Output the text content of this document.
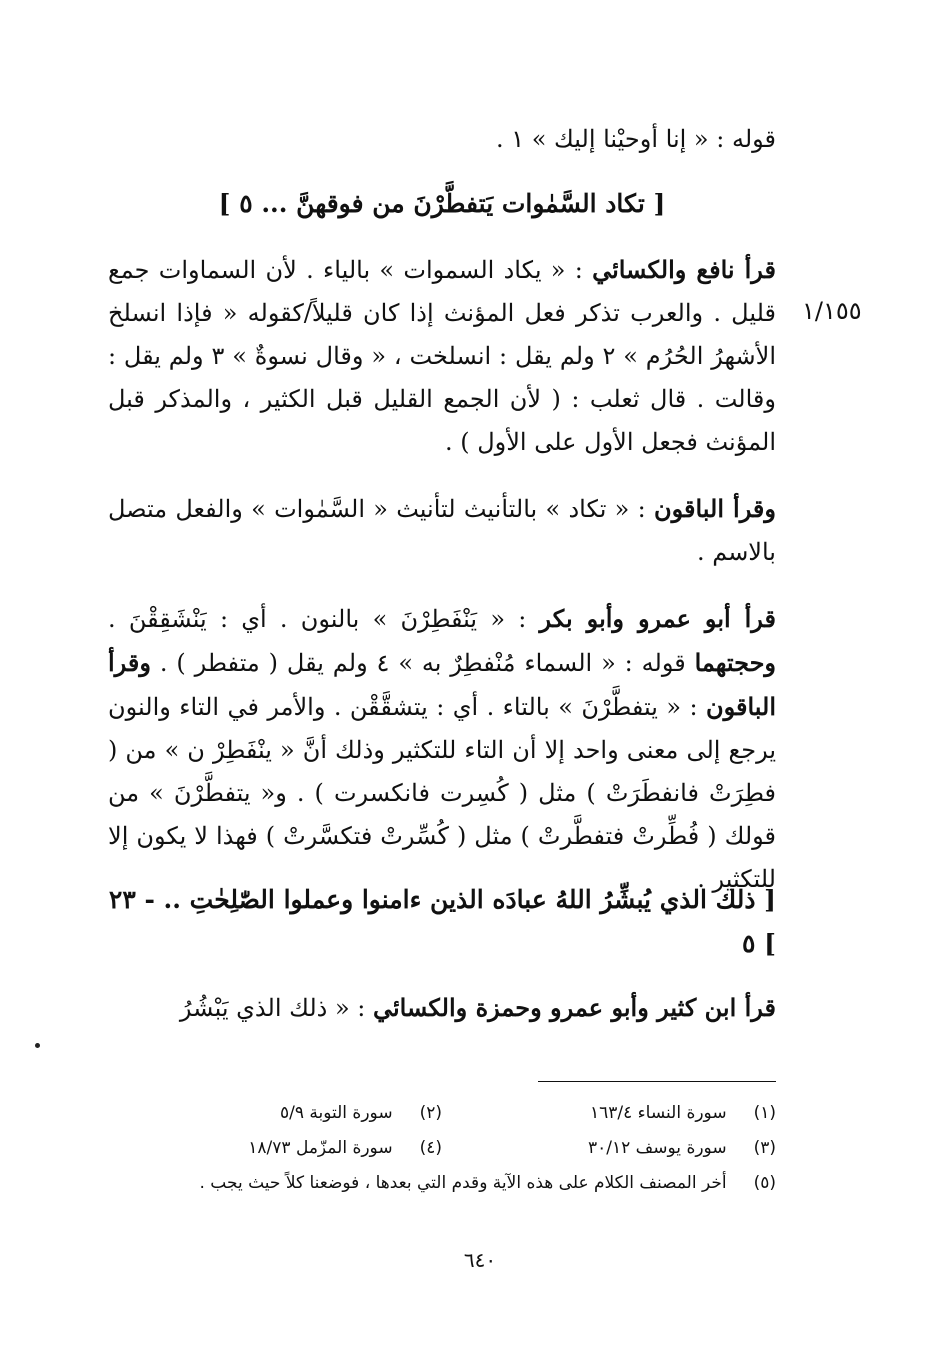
قوله : « إنا أوحيْنا إليك » ١ .
[ تكاد السَّمٰوات يَتفطَّرْنَ من فوقهنَّ ... ٥ ]
١/١٥٥
قرأ نافع والكسائي : « يكاد السموات » بالياء . لأن السماوات جمع قليل . والعرب تذكر فعل المؤنث إذا كان قليلاً/كقوله « فإذا انسلخ الأشهرُ الحُرُم » ٢ ولم يقل : انسلخت ، « وقال نسوةٌ » ٣ ولم يقل : وقالت . قال ثعلب : ( لأن الجمع القليل قبل الكثير ، والمذكر قبل المؤنث فجعل الأول على الأول ) .
وقرأ الباقون : « تكاد » بالتأنيث لتأنيث « السَّمٰوات » والفعل متصل بالاسم .
قرأ أبو عمرو وأبو بكر : « يَنْفَطِرْنَ » بالنون . أي : يَنْشَقِقْنَ . وحجتهما قوله : « السماء مُنْفطِرٌ به » ٤ ولم يقل ( متفطر ) . وقرأ الباقون : « يتفطَّرْنَ » بالتاء . أي : يتشقَّقْن . والأمر في التاء والنون يرجع إلى معنى واحد إلا أن التاء للتكثير وذلك أنَّ « ينْفَطِرْ ن » من ( فطِرَتْ فانفطَرَتْ ) مثل ( كُسِرت فانكسرت ) . و« يتفطَّرْنَ » من قولك ( فُطِّرتْ فتفطَّرتْ ) مثل ( كُسِّرتْ فتكسَّرتْ ) فهذا لا يكون إلا للتكثير .
[ ذلك الذي يُبشِّرُ اللهُ عبادَه الذين ءامنوا وعملوا الصّٰلِحٰتِ .. - ٢٣ ] ٥
قرأ ابن كثير وأبو عمرو وحمزة والكسائي : « ذلك الذي يَبْشُرُ
(١) سورة النساء ١٦٣/٤
(٢) سورة التوبة ٥/٩
(٣) سورة يوسف ٣٠/١٢
(٤) سورة المزّمل ١٨/٧٣
(٥) أخر المصنف الكلام على هذه الآية وقدم التي بعدها ، فوضعنا كلاً حيث يجب .
٦٤٠
